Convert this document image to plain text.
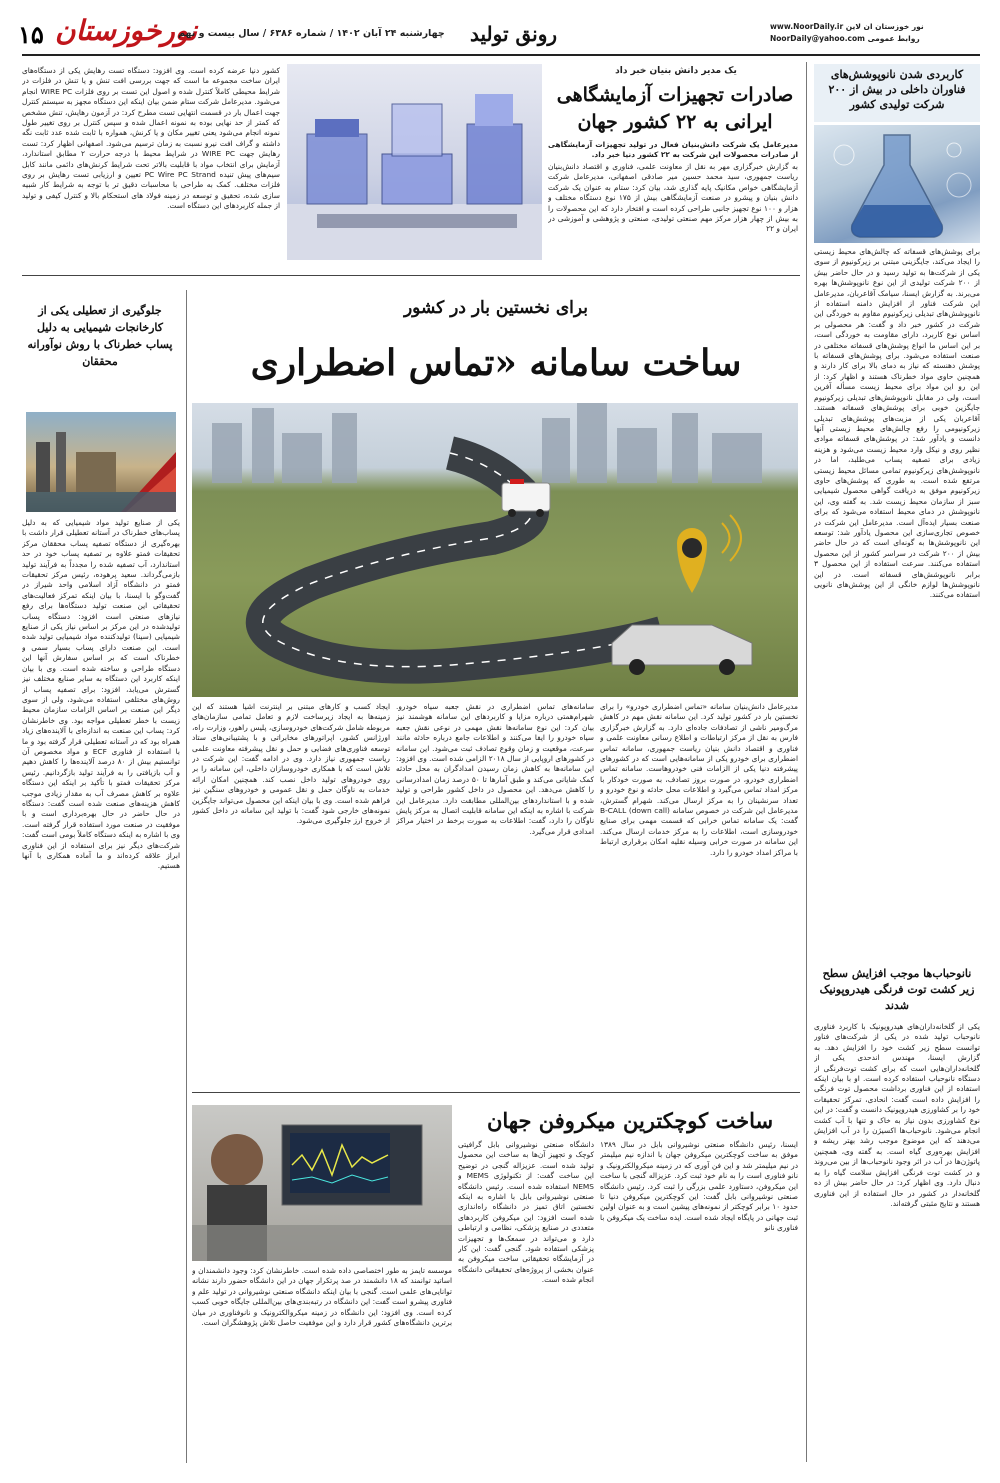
۱۵ نورخوزستان
چهارشنبه ۲۴ آبان ۱۴۰۲ / شماره ۶۳۸۶ / سال بیست و نهم رونق تولید	www.NoorDaily.ir نور خوزستان ان لاین
NoorDaily@yahoo.com روابط عمومی
کاربردی شدن نانوپوشش‌های فناوران داخلی در بیش از ۲۰۰ شرکت تولیدی کشور
برای پوشش‌های قسفاته که چالش‌های محیط زیستی را ایجاد می‌کند، جایگزینی مبتنی بر زیرکونیوم از سوی یکی از شرکت‌ها به تولید رسید و در حال حاضر بیش از ۲۰۰ شرکت تولیدی از این نوع نانوپوشش‌ها بهره می‌برند. به گزارش ایسنا، سیامک آقاعربان، مدیرعامل این شرکت فناور از افزایش دامنه استفاده از نانوپوشش‌های تبدیلی زیرکونیوم مقاوم به خوردگی این شرکت در کشور خبر داد و گفت: هر محصولی بر اساس نوع کاربرد، دارای مقاومت به خوردگی است، بر این اساس ما انواع پوشش‌های قسفاته مختلفی در صنعت استفاده می‌شود. برای پوشش‌های قسفاته با پوشش دهنسته که نیاز به دمای بالا برای کار دارند و همچنین حاوی مواد خطرناک هستند و اظهار کرد: از این رو این مواد برای محیط زیست مسأله آفرین است، ولی در مقابل نانوپوشش‌های تبدیلی زیرکونیوم جایگزین خوبی برای پوشش‌های قسفاته هستند. آقاعربان یکی از مزیت‌های پوشش‌های تبدیلی زیرکونیومی را رفع چالش‌های محیط زیستی آنها دانست و یادآور شد: در پوشش‌های قسفاته موادی نظیر روی و نیکل وارد محیط زیست می‌شود و هزینه زیادی برای تصفیه پساب می‌طلبد، اما در نانوپوشش‌های زیرکونیوم تمامی مسائل محیط زیستی مرتفع شده است. به طوری که پوشش‌های حاوی زیرکونیوم موفق به دریافت گواهی محصول شیمیایی سبز از سازمان محیط زیست شد. به گفته وی، این نانوپوشش در دمای محیط استفاده می‌شود که برای صنعت بسیار ایده‌آل است. مدیرعامل این شرکت در خصوص تجاری‌سازی این محصول یادآور شد: توسعه این نانوپوشش‌ها به گونه‌ای است که در حال حاضر بیش از ۲۰۰ شرکت در سراسر کشور از این محصول استفاده می‌کنند. سرعت استفاده از این محصول ۳ برابر نانوپوشش‌های قسفاته است. در این نانوپوشش‌ها لوازم خانگی از این پوشش‌های نانویی استفاده می‌کنند.
نانوحباب‌ها موجب افزایش سطح زیر کشت توت فرنگی هیدروپونیک شدند
یکی از گلخانه‌داران‌های هیدروپونیک با کاربرد فناوری نانوحباب تولید شده در یکی از شرکت‌های فناور توانست سطح زیر کشت خود را افزایش دهد. به گزارش ایسنا، مهندس اندحدی یکی از گلخانه‌داران‌هایی است که برای کشت توت‌فرنگی از دستگاه نانوحباب استفاده کرده است. او با بیان اینکه استفاده از این فناوری برداشت محصول توت فرنگی را افزایش داده است گفت: انحادی، تمرکز تحقیقات خود را بر کشاورزی هیدروپونیک دانست و گفت: در این نوع کشاورزی بدون نیاز به خاک و تنها با آب کشت انجام می‌شود. نانوحباب‌ها اکسیژن را در آب افزایش می‌دهند که این موضوع موجب رشد بهتر ریشه و افزایش بهره‌وری گیاه است. به گفته وی، همچنین پاتوژن‌ها در آب در اثر وجود نانوحباب‌ها از بین می‌روند و در کشت توت فرنگی افزایش سلامت گیاه را به دنبال دارد. وی اظهار کرد: در حال حاضر بیش از ده گلخانه‌دار در کشور در حال استفاده از این فناوری هستند و نتایج مثبتی گرفته‌اند.
یک مدیر دانش بنیان خبر داد
صادرات تجهیزات آزمایشگاهی ایرانی به ۲۲ کشور جهان
مدیرعامل یک شرکت دانش‌بنیان فعال در تولید تجهیزات آزمایشگاهی از صادرات محصولات این شرکت به ۲۲ کشور دنیا خبر داد.
به گزارش خبرگزاری مهر به نقل از معاونت علمی، فناوری و اقتصاد دانش‌بنیان ریاست جمهوری، سید محمد حسین میر صادقی اصفهانی، مدیرعامل شرکت آزمایشگاهی خواص مکانیک پایه گذاری شد، بیان کرد: ستام به عنوان یک شرکت دانش بنیان و پیشرو در صنعت آزمایشگاهی بیش از ۱۷۵ نوع دستگاه مختلف و هزار و ۱۰۰ نوع تجهیز جانبی طراحی کرده است و افتخار دارد که این محصولات را به بیش از چهار هزار مرکز مهم صنعتی تولیدی، صنعتی و پژوهشی و آموزشی در ایران و ۲۲
کشور دنیا عرضه کرده است. وی افزود: دستگاه تست رهایش یکی از دستگاه‌های ایران ساخت مجموعه ما است که جهت بررسی افت تنش و یا تنش در فلزات در شرایط محیطی کاملاً کنترل شده و اصول این تست بر روی فلزات WIRE PC انجام می‌شود. مدیرعامل شرکت ستام ضمن بیان اینکه این دستگاه مجهز به سیستم کنترل جهت اعمال بار در قسمت انتهایی تست مطرح کرد: در آزمون رهایش، تنش مشخص که کمتر از حد نهایی بوده به نمونه اعمال شده و سپس کنترل بر روی تغییر طول نمونه انجام می‌شود یعنی تغییر مکان و یا کرنش، همواره با ثابت شده عدد ثابت نگه داشته و گراف افت نیرو نسبت به زمان ترسیم می‌شود. اصفهانی اظهار کرد: تست رهایش جهت WIRE PC در شرایط محیط با درجه حرارت ۲ مطابق استاندارد، آزمایش برای انتخاب مواد با قابلیت بالاتر تحت شرایط کرنش‌های دائمی مانند کابل سیم‌های پیش تنیده PC Wire PC Strand تعیین و ارزیابی تست رهایش بر روی فلزات مختلف. کمک به طراحی با محاسبات دقیق تر با توجه به شرایط کار شبیه سازی شده، تحقیق و توسعه در زمینه فولاد های استحکام بالا و کنترل کیفی و تولید از جمله کاربردهای این دستگاه است.
جلوگیری از تعطیلی یکی از کارخانجات شیمیایی به دلیل پساب خطرناک با روش نوآورانه محققان
یکی از صنایع تولید مواد شیمیایی که به دلیل پساب‌های خطرناک در آستانه تعطیلی قرار داشت با بهره‌گیری از دستگاه تصفیه پساب محققان مرکز تحقیقات فمتو علاوه بر تصفیه پساب خود در حد استاندارد، آب تصفیه شده را مجدداً به فرآیند تولید بازمی‌گرداند. سعید پرهوده، رئیس مرکز تحقیقات فمتو در دانشگاه آزاد اسلامی واحد شیراز در گفت‌وگو با ایسنا، با بیان اینکه تمرکز فعالیت‌های تحقیقاتی این صنعت تولید دستگاه‌ها برای رفع نیازهای صنعتی است افزود: دستگاه پساب تولیدشده در این مرکز بر اساس نیاز یکی از صنایع شیمیایی (سینا) تولیدکننده مواد شیمیایی تولید شده است. این صنعت دارای پساب بسیار سمی و خطرناک است که بر اساس سفارش آنها این دستگاه طراحی و ساخته شده است. وی با بیان اینکه کاربرد این دستگاه به سایر صنایع مختلف نیز گسترش می‌یابد، افزود: برای تصفیه پساب از روش‌های مختلفی استفاده می‌شود، ولی از سوی دیگر این صنعت بر اساس الزامات سازمان محیط زیست با خطر تعطیلی مواجه بود. وی خاطرنشان کرد: پساب این صنعت به اندازه‌ای با آلاینده‌های زیاد همراه بود که در آستانه تعطیلی قرار گرفته بود و ما با استفاده از فناوری ECF و مواد مخصوص آن توانستیم بیش از ۸۰ درصد آلاینده‌ها را کاهش دهیم و آب بازیافتی را به فرآیند تولید بازگردانیم. رئیس مرکز تحقیقات فمتو با تأکید بر اینکه این دستگاه علاوه بر کاهش مصرف آب به مقدار زیادی موجب کاهش هزینه‌های صنعت شده است گفت: دستگاه در حال حاضر در حال بهره‌برداری است و با موفقیت در صنعت مورد استفاده قرار گرفته است. وی با اشاره به اینکه دستگاه کاملاً بومی است گفت: شرکت‌های دیگر نیز برای استفاده از این فناوری ابراز علاقه کرده‌اند و ما آماده همکاری با آنها هستیم.
برای نخستین بار در کشور
ساخت سامانه «تماس اضطراری
مدیرعامل دانش‌بنیان سامانه «تماس اضطراری خودرو» را برای نخستین بار در کشور تولید کرد. این سامانه نقش مهم در کاهش مرگ‌ومیر ناشی از تصادفات جاده‌ای دارد. به گزارش خبرگزاری فارس به نقل از مرکز ارتباطات و اطلاع رسانی معاونت علمی و فناوری و اقتصاد دانش بنیان ریاست جمهوری، سامانه تماس اضطراری برای خودرو یکی از سامانه‌هایی است که در کشورهای پیشرفته دنیا یکی از الزامات فنی خودروهاست. سامانه تماس اضطراری خودرو، در صورت بروز تصادف، به صورت خودکار با مرکز امداد تماس می‌گیرد و اطلاعات محل حادثه و نوع خودرو و تعداد سرنشینان را به مرکز ارسال می‌کند. شهرام گسترش، مدیرعامل این شرکت در خصوص سامانه B-CALL (down call) گفت: یک سامانه تماس خرابی که قسمت مهمی برای صنایع خودروسازی است، اطلاعات را به مرکز خدمات ارسال می‌کند. این سامانه در صورت خرابی وسیله نقلیه امکان برقراری ارتباط با مراکز امداد خودرو را دارد.
سامانه‌های تماس اضطراری در نقش جعبه سیاه خودرو. شهرام‌همتی درباره مزایا و کاربردهای این سامانه هوشمند نیز بیان کرد: این نوع سامانه‌ها نقش مهمی در نوعی نقش جعبه سیاه خودرو را ایفا می‌کنند و اطلاعات جامع درباره حادثه مانند سرعت، موقعیت و زمان وقوع تصادف ثبت می‌شود. این سامانه در کشورهای اروپایی از سال ۲۰۱۸ الزامی شده است. وی افزود: این سامانه‌ها به کاهش زمان رسیدن امدادگران به محل حادثه کمک شایانی می‌کند و طبق آمارها تا ۵۰ درصد زمان امدادرسانی را کاهش می‌دهد. این محصول در داخل کشور طراحی و تولید شده و با استانداردهای بین‌المللی مطابقت دارد. مدیرعامل این شرکت با اشاره به اینکه این سامانه قابلیت اتصال به مرکز پایش ناوگان را دارد، گفت: اطلاعات به صورت برخط در اختیار مراکز امدادی قرار می‌گیرد.
ایجاد کسب و کارهای مبتنی بر اینترنت اشیا هستند که این زمینه‌ها به ایجاد زیرساخت لازم و تعامل تمامی سازمان‌های مربوطه شامل شرکت‌های خودروسازی، پلیس راهور، وزارت راه، اورژانس کشور، اپراتورهای مخابراتی و با پشتیبانی‌های ستاد توسعه فناوری‌های فضایی و حمل و نقل پیشرفته معاونت علمی ریاست جمهوری نیاز دارد. وی در ادامه گفت: این شرکت در تلاش است که با همکاری خودروسازان داخلی، این سامانه را بر روی خودروهای تولید داخل نصب کند. همچنین امکان ارائه خدمات به ناوگان حمل و نقل عمومی و خودروهای سنگین نیز فراهم شده است. وی با بیان اینکه این محصول می‌تواند جایگزین نمونه‌های خارجی شود گفت: با تولید این سامانه در داخل کشور از خروج ارز جلوگیری می‌شود.
ساخت کوچکترین میکروفن جهان
ایسنا، رئیس دانشگاه صنعتی نوشیروانی بابل در سال ۱۳۸۹ موفق به ساخت کوچکترین میکروفن جهان با اندازه نیم میلیمتر در نیم میلیمتر شد و این فن آوری که در زمینه میکروالکترونیک و نانو فناوری است را به نام خود ثبت کرد. عزیزاله گنجی با ساخت این میکروفن، دستاورد علمی بزرگی را ثبت کرد. رئیس دانشگاه صنعتی نوشیروانی بابل گفت: این کوچکترین میکروفن دنیا تا حدود ۱۰ برابر کوچکتر از نمونه‌های پیشین است و به عنوان اولین ثبت جهانی در پایگاه ایجاد شده است. ایده ساخت یک میکروفن با فناوری نانو
دانشگاه صنعتی نوشیروانی بابل گرافیتی کوچک و تجهیز آن‌ها به ساخت این محصول تولید شده است. عزیزاله گنجی در توضیح این ساخت گفت: از تکنولوژی MEMS و NEMS استفاده شده است. رئیس دانشگاه صنعتی نوشیروانی بابل با اشاره به اینکه نخستین اتاق تمیز در دانشگاه راه‌اندازی شده است افزود: این میکروفن کاربردهای متعددی در صنایع پزشکی، نظامی و ارتباطی دارد و می‌تواند در سمعک‌ها و تجهیزات پزشکی استفاده شود. گنجی گفت: این کار در آزمایشگاه تحقیقاتی ساخت میکروفن به عنوان بخشی از پروژه‌های تحقیقاتی دانشگاه انجام شده است.
موسسه تایمز به طور اختصاصی داده شده است. خاطرنشان کرد: وجود دانشمندان و اساتید توانمند که ۱۸ دانشمند در صد پرتکرار جهان در این دانشگاه حضور دارند نشانه توانایی‌های علمی است. گنجی با بیان اینکه دانشگاه صنعتی نوشیروانی در تولید علم و فناوری پیشرو است گفت: این دانشگاه در رتبه‌بندی‌های بین‌المللی جایگاه خوبی کسب کرده است. وی افزود: این دانشگاه در زمینه میکروالکترونیک و نانوفناوری در میان برترین دانشگاه‌های کشور قرار دارد و این موفقیت حاصل تلاش پژوهشگران است.
